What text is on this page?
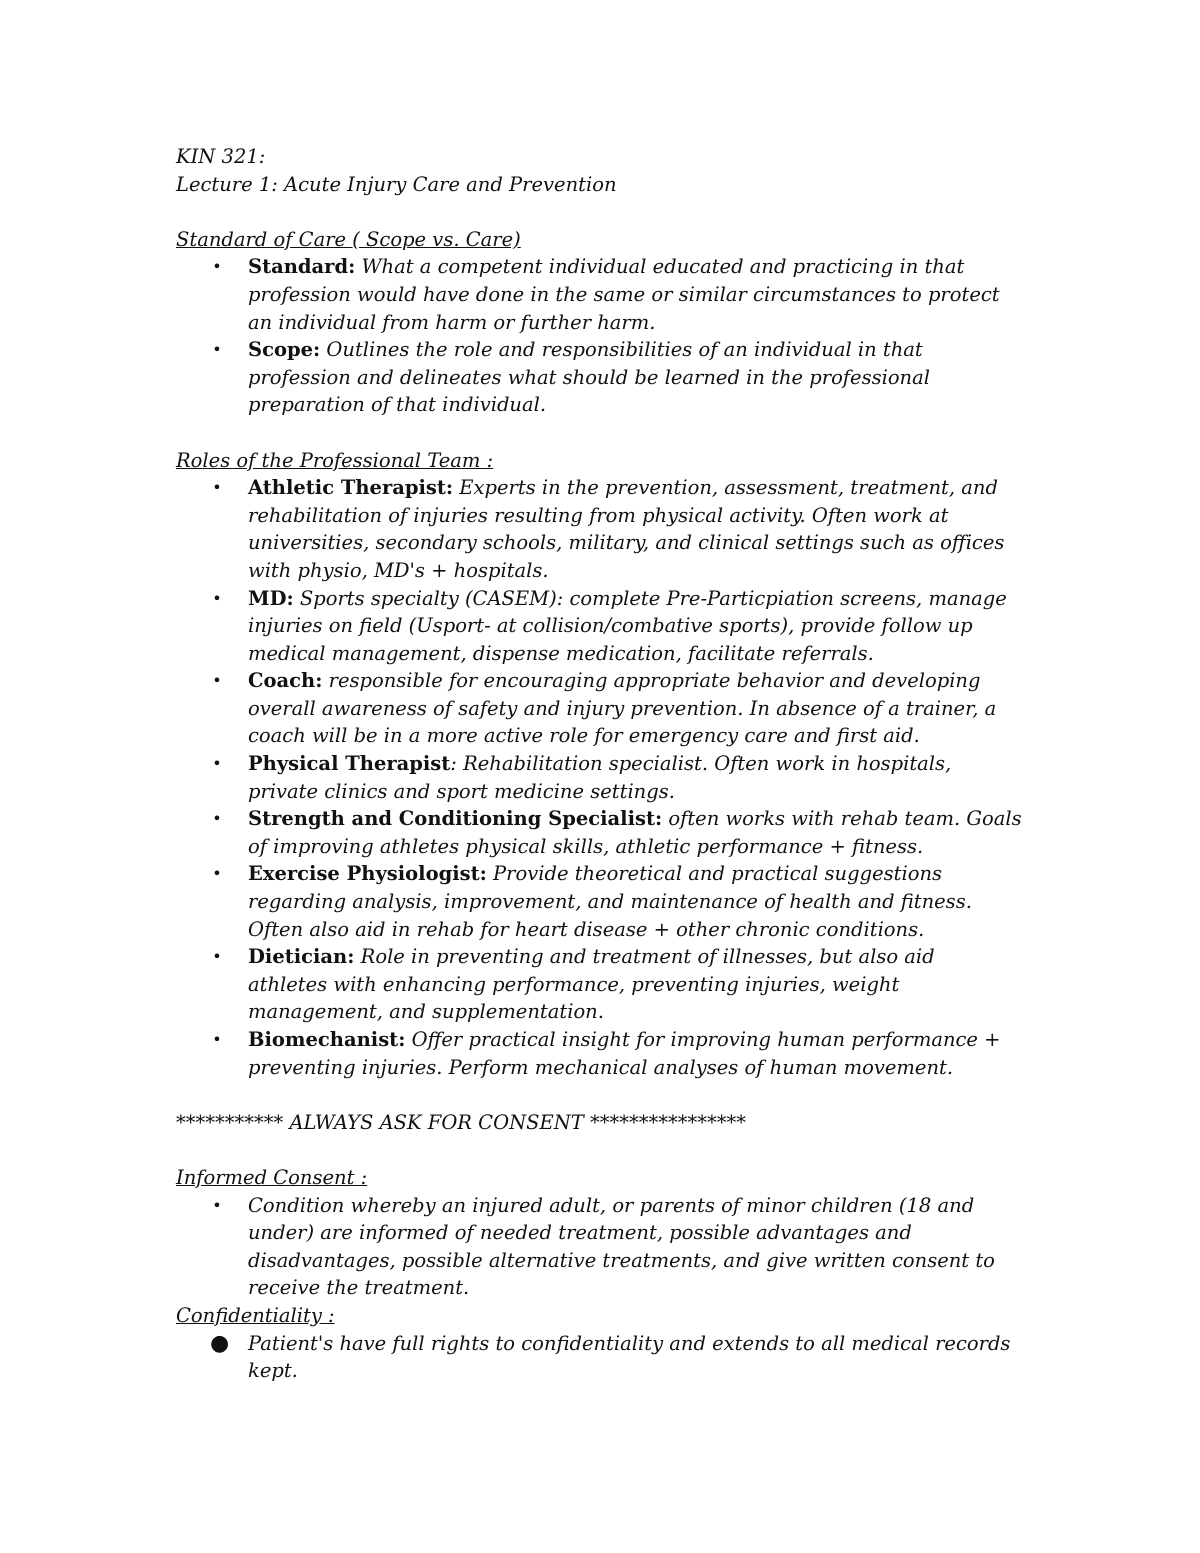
KIN 321:
Lecture 1: Acute Injury Care and Prevention
Standard of Care ( Scope vs. Care)
• Standard: What a competent individual educated and practicing in that profession would have done in the same or similar circumstances to protect an individual from harm or further harm.
• Scope: Outlines the role and responsibilities of an individual in that profession and delineates what should be learned in the professional preparation of that individual.
Roles of the Professional Team :
• Athletic Therapist: Experts in the prevention, assessment, treatment, and rehabilitation of injuries resulting from physical activity. Often work at universities, secondary schools, military, and clinical settings such as offices with physio, MD's + hospitals.
• MD: Sports specialty (CASEM): complete Pre-Particpiation screens, manage injuries on field (Usport- at collision/combative sports), provide follow up medical management, dispense medication, facilitate referrals.
• Coach: responsible for encouraging appropriate behavior and developing overall awareness of safety and injury prevention. In absence of a trainer, a coach will be in a more active role for emergency care and first aid.
• Physical Therapist: Rehabilitation specialist. Often work in hospitals, private clinics and sport medicine settings.
• Strength and Conditioning Specialist: often works with rehab team. Goals of improving athletes physical skills, athletic performance + fitness.
• Exercise Physiologist: Provide theoretical and practical suggestions regarding analysis, improvement, and maintenance of health and fitness. Often also aid in rehab for heart disease + other chronic conditions.
• Dietician: Role in preventing and treatment of illnesses, but also aid athletes with enhancing performance, preventing injuries, weight management, and supplementation.
• Biomechanist: Offer practical insight for improving human performance + preventing injuries. Perform mechanical analyses of human movement.
*********** ALWAYS ASK FOR CONSENT ****************
Informed Consent :
• Condition whereby an injured adult, or parents of minor children (18 and under) are informed of needed treatment, possible advantages and disadvantages, possible alternative treatments, and give written consent to receive the treatment.
Confidentiality :
● Patient's have full rights to confidentiality and extends to all medical records kept.
